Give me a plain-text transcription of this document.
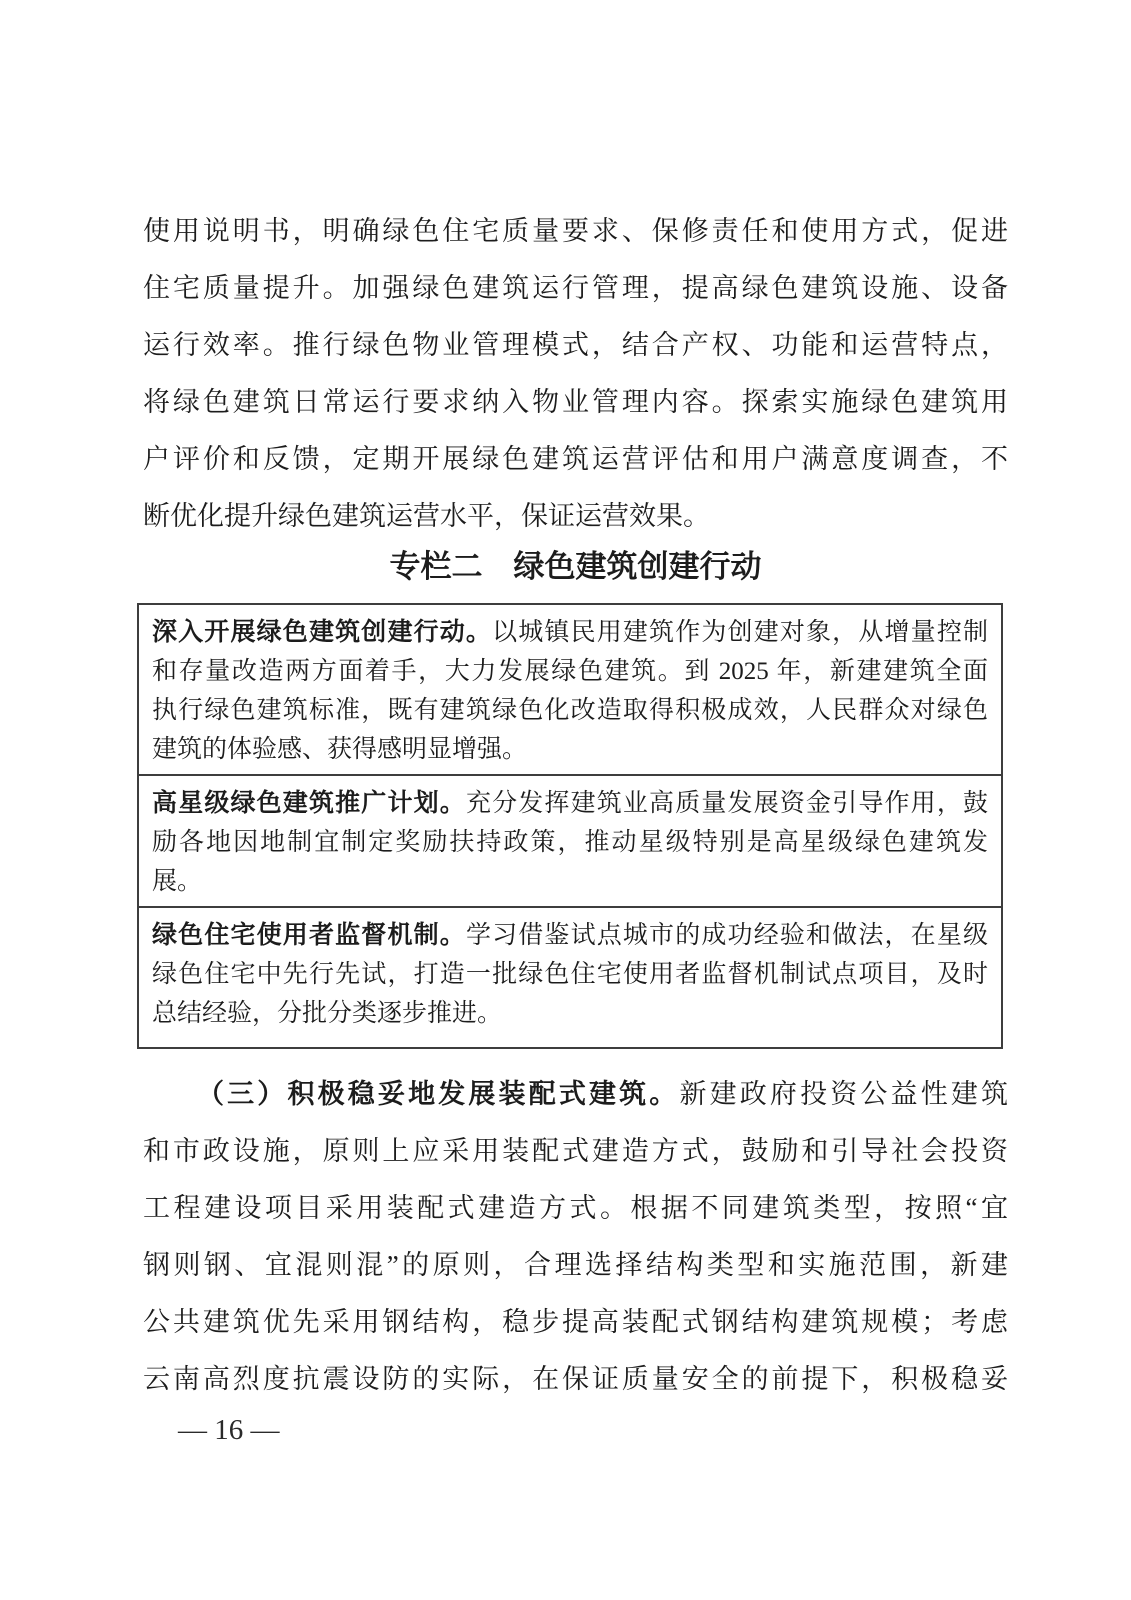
使用说明书，明确绿色住宅质量要求、保修责任和使用方式，促进
住宅质量提升。加强绿色建筑运行管理，提高绿色建筑设施、设备
运行效率。推行绿色物业管理模式，结合产权、功能和运营特点，
将绿色建筑日常运行要求纳入物业管理内容。探索实施绿色建筑用
户评价和反馈，定期开展绿色建筑运营评估和用户满意度调查，不
断优化提升绿色建筑运营水平，保证运营效果。
专栏二　绿色建筑创建行动
深入开展绿色建筑创建行动。以城镇民用建筑作为创建对象，从增量控制
和存量改造两方面着手，大力发展绿色建筑。到 2025 年，新建建筑全面
执行绿色建筑标准，既有建筑绿色化改造取得积极成效，人民群众对绿色
建筑的体验感、获得感明显增强。
高星级绿色建筑推广计划。充分发挥建筑业高质量发展资金引导作用，鼓
励各地因地制宜制定奖励扶持政策，推动星级特别是高星级绿色建筑发
展。
绿色住宅使用者监督机制。学习借鉴试点城市的成功经验和做法，在星级
绿色住宅中先行先试，打造一批绿色住宅使用者监督机制试点项目，及时
总结经验，分批分类逐步推进。
（三）积极稳妥地发展装配式建筑。新建政府投资公益性建筑
和市政设施，原则上应采用装配式建造方式，鼓励和引导社会投资
工程建设项目采用装配式建造方式。根据不同建筑类型，按照“宜
钢则钢、宜混则混”的原则，合理选择结构类型和实施范围，新建
公共建筑优先采用钢结构，稳步提高装配式钢结构建筑规模；考虑
云南高烈度抗震设防的实际，在保证质量安全的前提下，积极稳妥
— 16 —
